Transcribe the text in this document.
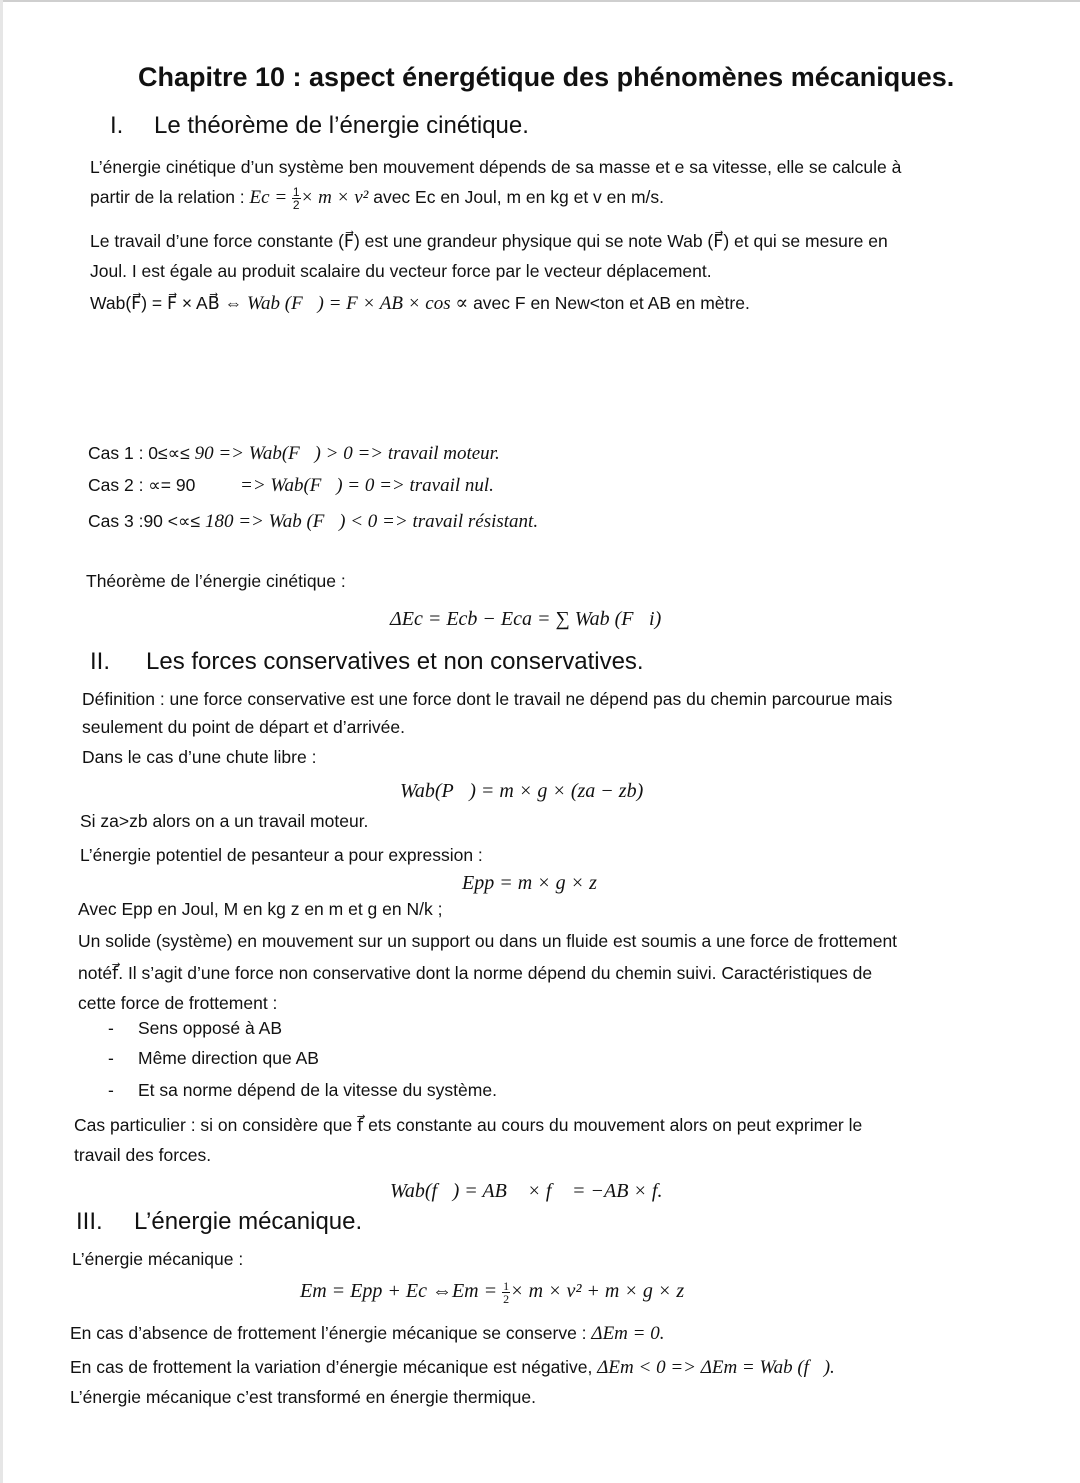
Chapitre 10 : aspect énergétique des phénomènes mécaniques.
I. Le théorème de l’énergie cinétique.
L’énergie cinétique d’un système ben mouvement dépends de sa masse et e sa vitesse, elle se calcule à
partir de la relation : $Ec = \frac{1}{2} \times m \times v^2$ avec Ec en Joul, m en kg et v en m/s.
Le travail d’une force constante (F⃗) est une grandeur physique qui se note Wab (F⃗) et qui se mesure en
Joul. I est égale au produit scalaire du vecteur force par le vecteur déplacement.
Wab(F⃗) = F⃗ × AB⃗ ⇔ Wab (F⃗) = F × AB × cos ∝ avec F en New<ton et AB en mètre.
Cas 1 : 0≤∝≤ 90 => Wab(F⃗) > 0 => travail moteur.
Cas 2 : ∝= 90 => Wab(F⃗) = 0 => travail nul.
Cas 3 :90 <∝≤ 180 => Wab (F⃗) < 0 => travail résistant.
Théorème de l’énergie cinétique :
ΔEc = Ecb − Eca = ∑ Wab (F⃗i)
II. Les forces conservatives et non conservatives.
Définition : une force conservative est une force dont le travail ne dépend pas du chemin parcourue mais
seulement du point de départ et d’arrivée.
Dans le cas d’une chute libre :
Wab(P⃗) = m × g × (za − zb)
Si za>zb alors on a un travail moteur.
L’énergie potentiel de pesanteur a pour expression :
Epp = m × g × z
Avec Epp en Joul, M en kg z en m et g en N/k ;
Un solide (système) en mouvement sur un support ou dans un fluide est soumis a une force de frottement
notéf⃗. Il s’agit d’une force non conservative dont la norme dépend du chemin suivi. Caractéristiques de
cette force de frottement :
- Sens opposé à AB
- Même direction que AB
- Et sa norme dépend de la vitesse du système.
Cas particulier : si on considère que f⃗ ets constante au cours du mouvement alors on peut exprimer le
travail des forces.
Wab(f⃗) = AB⃗ × f⃗ = −AB × f.
III. L’énergie mécanique.
L’énergie mécanique :
Em = Epp + Ec ⇔Em = $\frac{1}{2} \times m \times v^2 + m \times g \times z$
En cas d’absence de frottement l’énergie mécanique se conserve : ΔEm = 0.
En cas de frottement la variation d’énergie mécanique est négative, ΔEm < 0 => ΔEm = Wab (f⃗).
L’énergie mécanique c’est transformé en énergie thermique.
